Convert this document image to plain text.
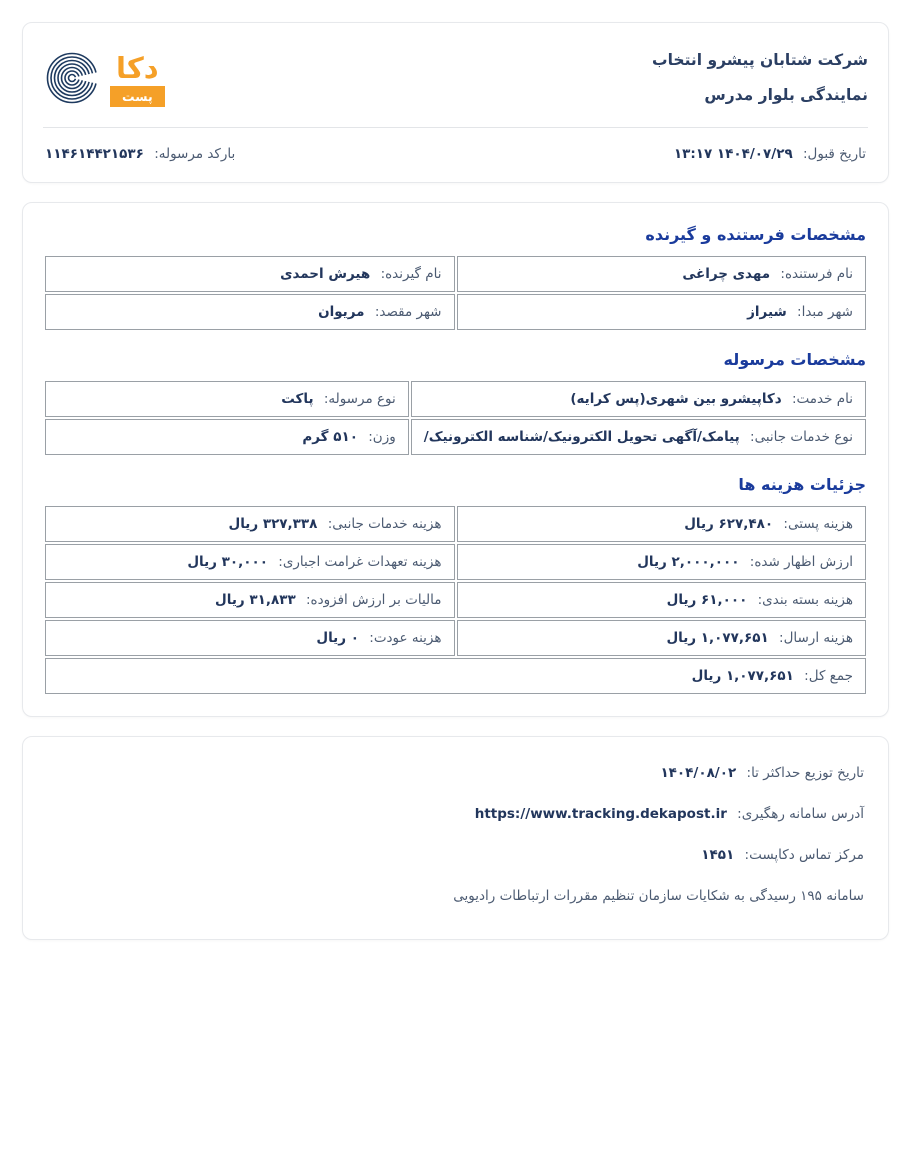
شرکت شتابان پیشرو انتخاب
نمایندگی بلوار مدرس
دکا
پست
تاریخ قبول: ۱۴۰۴/۰۷/۲۹ ۱۳:۱۷
بارکد مرسوله: ۱۱۴۶۱۴۴۲۱۵۳۶
مشخصات فرستنده و گیرنده
نام فرستنده: مهدی چراغی	نام گیرنده: هیرش احمدی
شهر مبدا: شیراز	شهر مقصد: مریوان
مشخصات مرسوله
نام خدمت: دکاپیشرو بین شهری(پس کرایه)	نوع مرسوله: پاکت
نوع خدمات جانبی: پیامک/آگهی تحویل الکترونیک/شناسه الکترونیک/	وزن: ۵۱۰ گرم
جزئیات هزینه ها
هزینه پستی: ۶۲۷,۴۸۰ ریال	هزینه خدمات جانبی: ۳۲۷,۳۳۸ ریال
ارزش اظهار شده: ۲,۰۰۰,۰۰۰ ریال	هزینه تعهدات غرامت اجباری: ۳۰,۰۰۰ ریال
هزینه بسته بندی: ۶۱,۰۰۰ ریال	مالیات بر ارزش افزوده: ۳۱,۸۳۳ ریال
هزینه ارسال: ۱,۰۷۷,۶۵۱ ریال	هزینه عودت: ۰ ریال
جمع کل: ۱,۰۷۷,۶۵۱ ریال	
تاریخ توزیع حداکثر تا: ۱۴۰۴/۰۸/۰۲
آدرس سامانه رهگیری: https://www.tracking.dekapost.ir
مرکز تماس دکاپست: ۱۴۵۱
سامانه ۱۹۵ رسیدگی به شکایات سازمان تنظیم مقررات ارتباطات رادیویی
